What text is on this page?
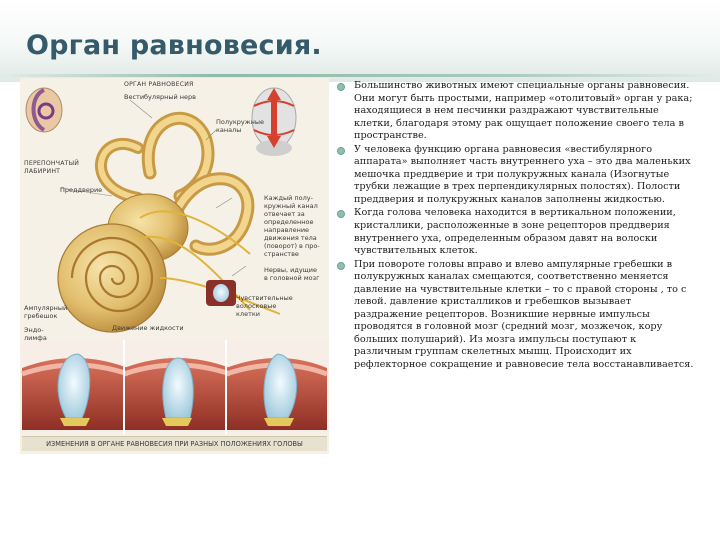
Орган равновесия.
ОРГАН РАВНОВЕСИЯ
Вестибулярный нерв
Полукружные
каналы
ПЕРЕПОНЧАТЫЙ
ЛАБИРИНТ
Преддверие
Каждый полу-
кружный канал
отвечает за
определенное
направление
движения тела
(поворот) в про-
странстве
Нервы, идущие
в головной мозг
Ампулярный
гребешок
Эндо-
лимфа
Движение жидкости
Чувствительные
волосковые
клетки
ИЗМЕНЕНИЯ В ОРГАНЕ РАВНОВЕСИЯ ПРИ РАЗНЫХ ПОЛОЖЕНИЯХ ГОЛОВЫ
Большинство животных имеют специальные органы равновесия. Они могут быть простыми, например «отолитовый» орган у рака; находящиеся в нем песчинки раздражают чувствительные клетки, благодаря этому рак ощущает положение своего тела в пространстве.
У человека функцию органа равновесия «вестибулярного аппарата» выполняет часть внутреннего уха – это два маленьких мешочка преддверие и три полукружных канала (Изогнутые трубки лежащие в трех перпендикулярных полостях). Полости преддверия и полукружных каналов заполнены жидкостью.
Когда голова человека находится в вертикальном положении, кристаллики, расположенные в зоне рецепторов преддверия внутреннего уха, определенным образом давят на волоски чувствительных клеток.
При повороте головы вправо и влево ампулярные гребешки в полукружных каналах смещаются, соответственно меняется давление на чувствительные клетки – то с правой стороны , то с левой. давление кристалликов и гребешков вызывает раздражение рецепторов. Возникшие нервные импульсы проводятся в головной мозг (средний мозг, мозжечок, кору больших полушарий). Из мозга импульсы поступают к различным группам скелетных мышц. Происходит их рефлекторное сокращение и равновесие тела восстанавливается.
